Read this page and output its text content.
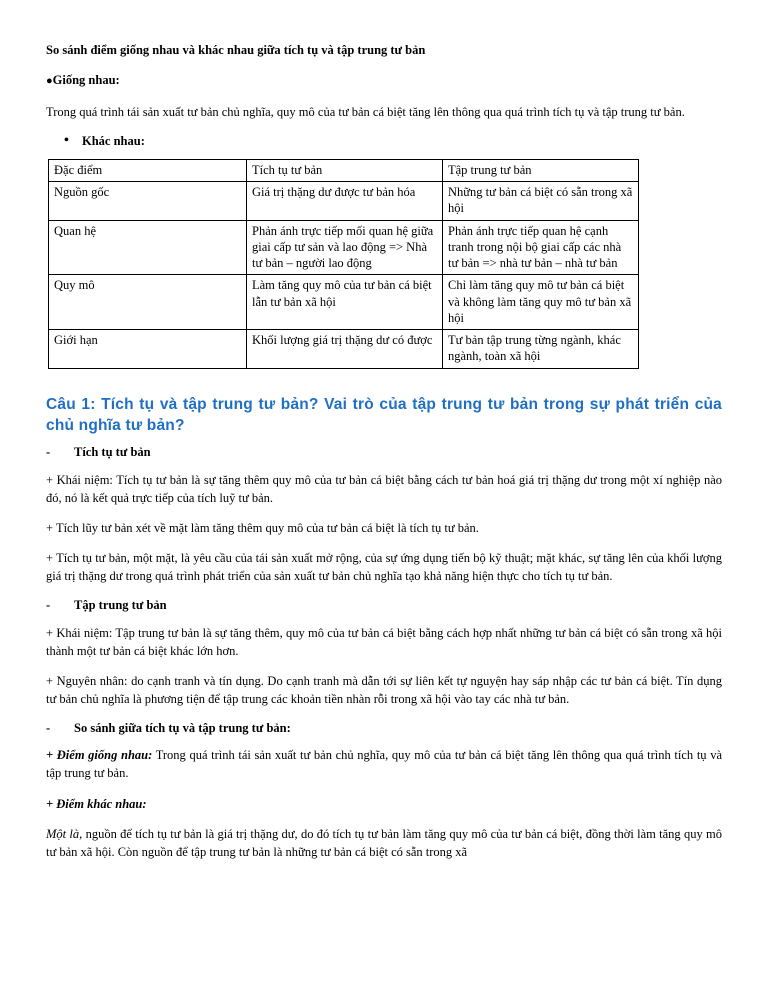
So sánh điểm giống nhau và khác nhau giữa tích tụ và tập trung tư bản
●Giống nhau:

Trong quá trình tái sản xuất tư bản chủ nghĩa, quy mô của tư bản cá biệt tăng lên thông qua quá trình tích tụ và tập trung tư bản.

• Khác nhau:
Đặc điểm	Tích tụ tư bản	Tập trung tư bản
Nguồn gốc	Giá trị thặng dư được tư bản hóa	Những tư bản cá biệt có sẵn trong xã hội
Quan hệ	Phản ánh trực tiếp mối quan hệ giữa giai cấp tư sản và lao động => Nhà tư bản – người lao động	Phản ánh trực tiếp quan hệ cạnh tranh trong nội bộ giai cấp các nhà tư bản => nhà tư bản – nhà tư bản
Quy mô	Làm tăng quy mô của tư bản cá biệt lẫn tư bản xã hội	Chỉ làm tăng quy mô tư bản cá biệt và không làm tăng quy mô tư bản xã hội
Giới hạn	Khối lượng giá trị thặng dư có được	Tư bản tập trung từng ngành, khác ngành, toàn xã hội
Câu 1: Tích tụ và tập trung tư bản? Vai trò của tập trung tư bản trong sự phát triển của chủ nghĩa tư bản?
- Tích tụ tư bản

+ Khái niệm: Tích tụ tư bản là sự tăng thêm quy mô của tư bản cá biệt bằng cách tư bản hoá giá trị thặng dư trong một xí nghiệp nào đó, nó là kết quả trực tiếp của tích luỹ tư bản.

+ Tích lũy tư bản xét về mặt làm tăng thêm quy mô của tư bản cá biệt là tích tụ tư bản.

+ Tích tụ tư bản, một mặt, là yêu cầu của tái sản xuất mở rộng, của sự ứng dụng tiến bộ kỹ thuật; mặt khác, sự tăng lên của khối lượng giá trị thặng dư trong quá trình phát triển của sản xuất tư bản chủ nghĩa tạo khả năng hiện thực cho tích tụ tư bản.

- Tập trung tư bản

+ Khái niệm: Tập trung tư bản là sự tăng thêm, quy mô của tư bản cá biệt bằng cách hợp nhất những tư bản cá biệt có sẵn trong xã hội thành một tư bản cá biệt khác lớn hơn.

+ Nguyên nhân: do cạnh tranh và tín dụng. Do cạnh tranh mà dẫn tới sự liên kết tự nguyện hay sáp nhập các tư bản cá biệt. Tín dụng tư bản chủ nghĩa là phương tiện để tập trung các khoản tiền nhàn rỗi trong xã hội vào tay các nhà tư bản.

- So sánh giữa tích tụ và tập trung tư bản:

+ Điểm giống nhau: Trong quá trình tái sản xuất tư bản chủ nghĩa, quy mô của tư bản cá biệt tăng lên thông qua quá trình tích tụ và tập trung tư bản.

+ Điểm khác nhau:

Một là, nguồn để tích tụ tư bản là giá trị thặng dư, do đó tích tụ tư bản làm tăng quy mô của tư bản cá biệt, đồng thời làm tăng quy mô tư bản xã hội. Còn nguồn để tập trung tư bản là những tư bản cá biệt có sẵn trong xã
